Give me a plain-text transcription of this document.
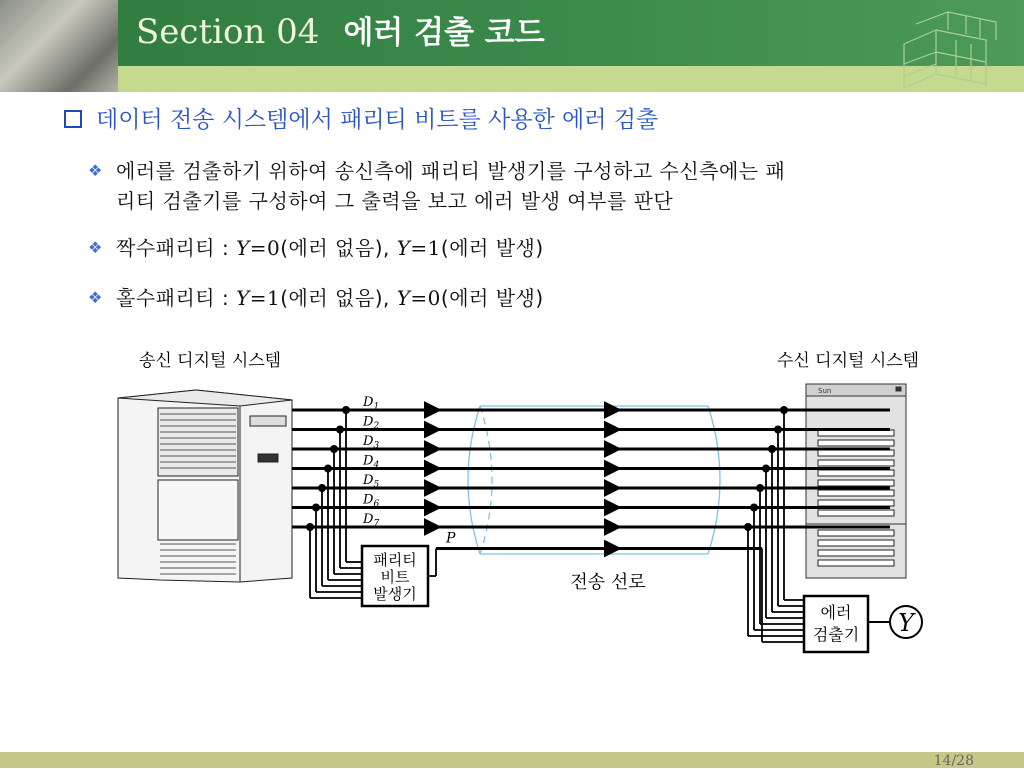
Section 04 에러 검출 코드
데이터 전송 시스템에서 패리티 비트를 사용한 에러 검출
❖ 에러를 검출하기 위하여 송신측에 패리티 발생기를 구성하고 수신측에는 패
리티 검출기를 구성하여 그 출력을 보고 에러 발생 여부를 판단
❖ 짝수패리티 : Y=0(에러 없음), Y=1(에러 발생)
❖ 홀수패리티 : Y=1(에러 없음), Y=0(에러 발생)
송신 디지털 시스템	수신 디지털 시스템
Sun
$D_1$
$D_2$
$D_3$
$D_4$
$D_5$
$D_6$
$D_7$
P
패리티
비트
발생기
전송 선로
에러
검출기 Y
14/28
